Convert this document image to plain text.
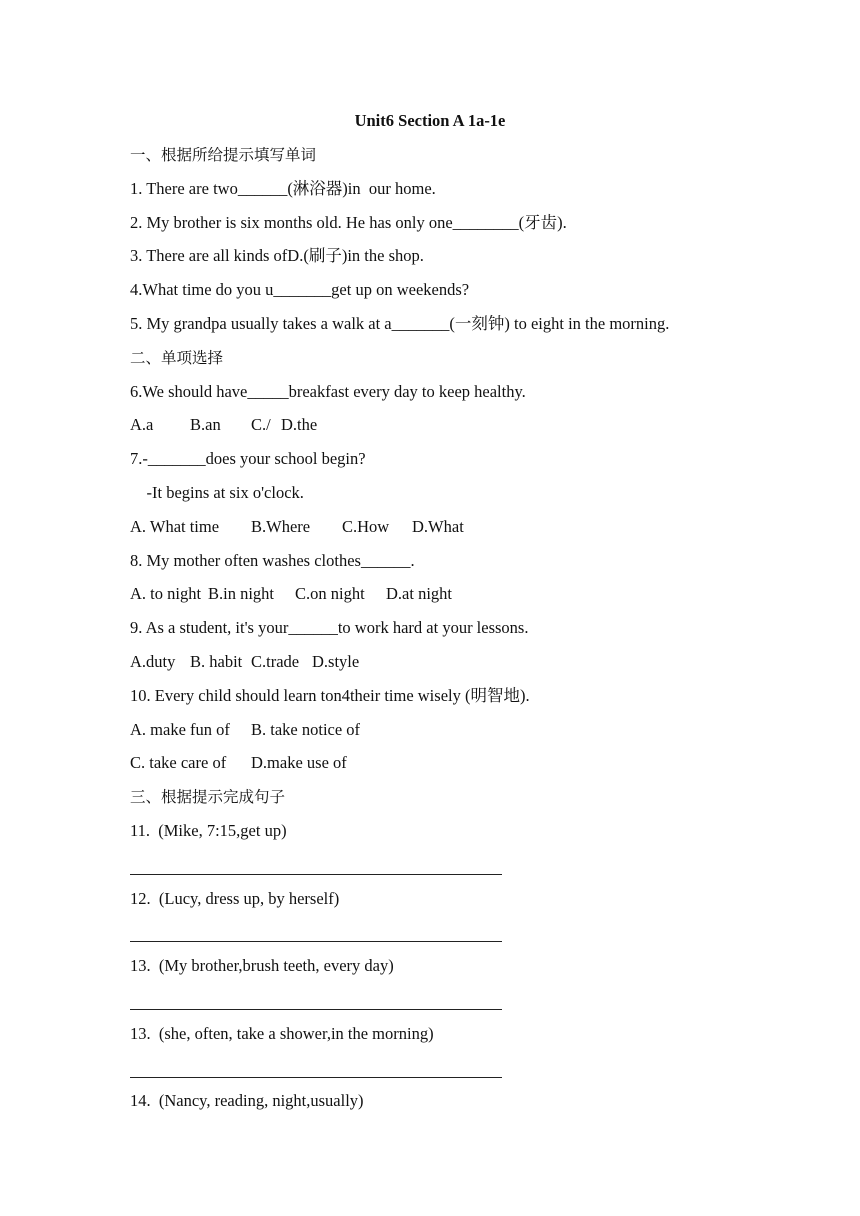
Unit6 Section A 1a-1e
一、根据所给提示填写单词
1. There are two______(淋浴器)in  our home.
2. My brother is six months old. He has only one________(牙齿).
3. There are all kinds ofD.(刷子)in the shop.
4.What time do you u_______get up on weekends?
5. My grandpa usually takes a walk at a_______(一刻钟) to eight in the morning.
二、单项选择
6.We should have_____breakfast every day to keep healthy.
A.a B.an C./ D.the
7.-_______does your school begin?
-It begins at six o'clock.
A. What time B.Where C.How D.What
8. My mother often washes clothes______.
A. to night B.in night C.on night D.at night
9. As a student, it's your______to work hard at your lessons.
A.duty B. habit C.trade D.style
10. Every child should learn ton4their time wisely (明智地).
A. make fun of B. take notice of
C. take care of D.make use of
三、根据提示完成句子
11.  (Mike, 7:15,get up)
12.  (Lucy, dress up, by herself)
13.  (My brother,brush teeth, every day)
13.  (she, often, take a shower,in the morning)
14.  (Nancy, reading, night,usually)
